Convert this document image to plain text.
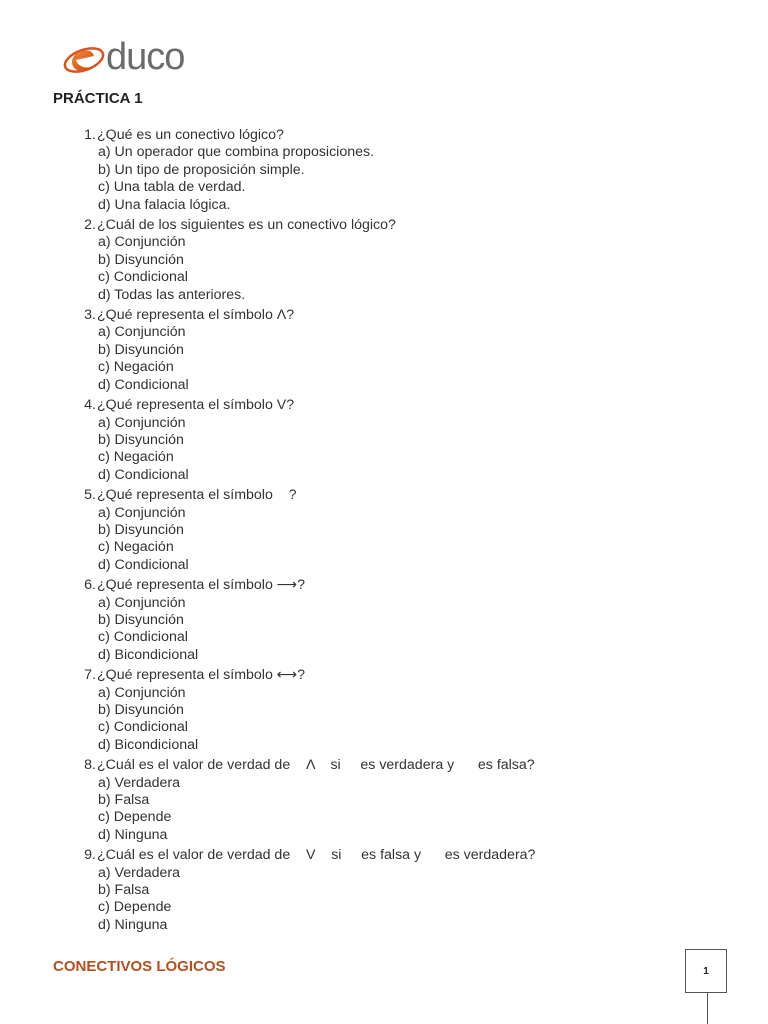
duco
PRÁCTICA 1
1. ¿Qué es un conectivo lógico?
a) Un operador que combina proposiciones.
b) Un tipo de proposición simple.
c) Una tabla de verdad.
d) Una falacia lógica.
2. ¿Cuál de los siguientes es un conectivo lógico?
a) Conjunción
b) Disyunción
c) Condicional
d) Todas las anteriores.
3. ¿Qué representa el símbolo Λ?
a) Conjunción
b) Disyunción
c) Negación
d) Condicional
4. ¿Qué representa el símbolo V?
a) Conjunción
b) Disyunción
c) Negación
d) Condicional
5. ¿Qué representa el símbolo    ?
a) Conjunción
b) Disyunción
c) Negación
d) Condicional
6. ¿Qué representa el símbolo ⟶?
a) Conjunción
b) Disyunción
c) Condicional
d) Bicondicional
7. ¿Qué representa el símbolo ⟷?
a) Conjunción
b) Disyunción
c) Condicional
d) Bicondicional
8. ¿Cuál es el valor de verdad de    Λ    si     es verdadera y      es falsa?
a) Verdadera
b) Falsa
c) Depende
d) Ninguna
9. ¿Cuál es el valor de verdad de    V    si     es falsa y      es verdadera?
a) Verdadera
b) Falsa
c) Depende
d) Ninguna
CONECTIVOS LÓGICOS	1
